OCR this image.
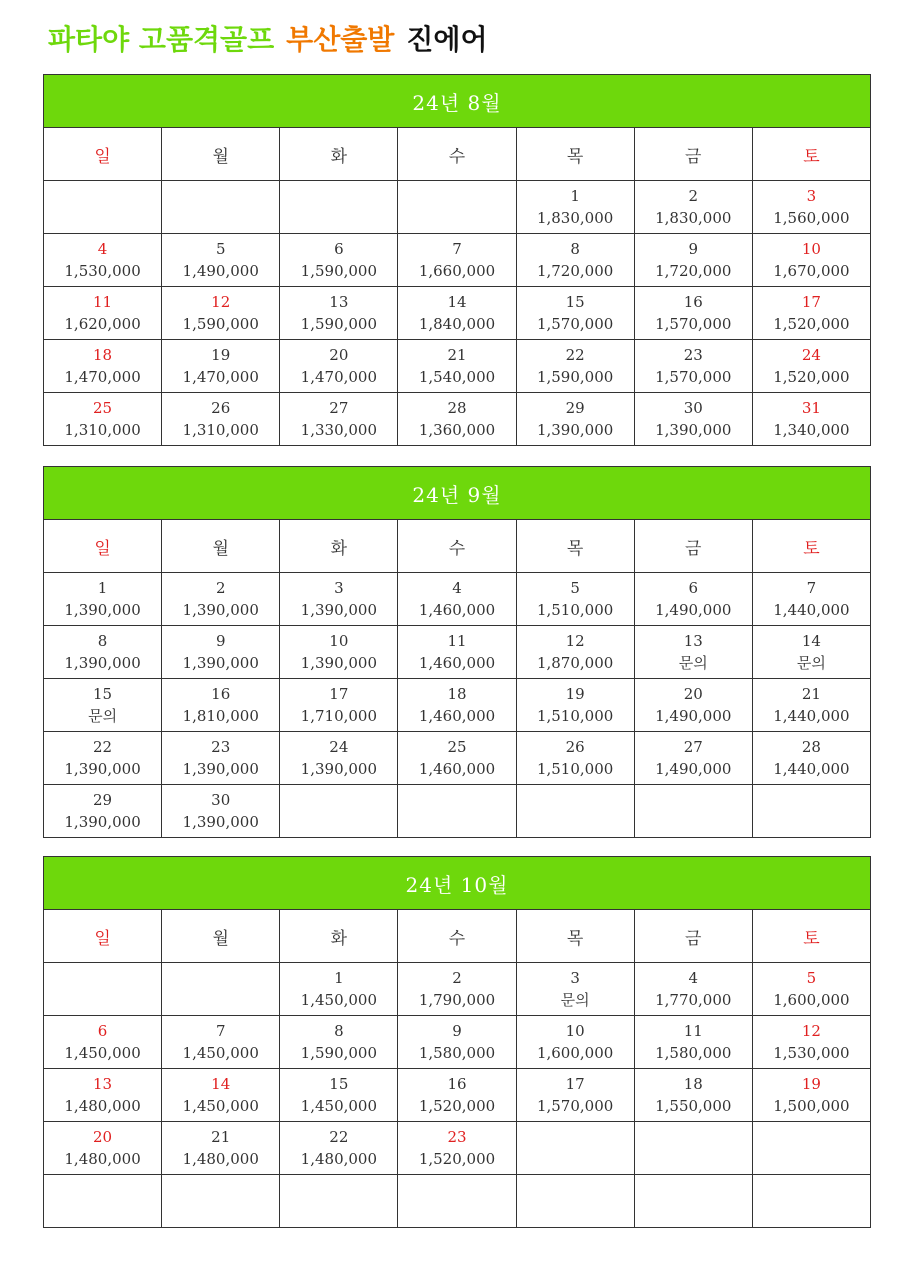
파타야 고품격골프 부산출발 진에어
24년 8월						
일	월	화	수	목	금	토

				1
1,830,000	2
1,830,000	3
1,560,000

4
1,530,000	5
1,490,000	6
1,590,000	7
1,660,000	8
1,720,000	9
1,720,000	10
1,670,000

11
1,620,000	12
1,590,000	13
1,590,000	14
1,840,000	15
1,570,000	16
1,570,000	17
1,520,000

18
1,470,000	19
1,470,000	20
1,470,000	21
1,540,000	22
1,590,000	23
1,570,000	24
1,520,000

25
1,310,000	26
1,310,000	27
1,330,000	28
1,360,000	29
1,390,000	30
1,390,000	31
1,340,000
24년 9월						
일	월	화	수	목	금	토

1
1,390,000	2
1,390,000	3
1,390,000	4
1,460,000	5
1,510,000	6
1,490,000	7
1,440,000

8
1,390,000	9
1,390,000	10
1,390,000	11
1,460,000	12
1,870,000	13
문의	14
문의

15
문의	16
1,810,000	17
1,710,000	18
1,460,000	19
1,510,000	20
1,490,000	21
1,440,000

22
1,390,000	23
1,390,000	24
1,390,000	25
1,460,000	26
1,510,000	27
1,490,000	28
1,440,000

29
1,390,000	30
1,390,000					

24년 10월						
일	월	화	수	목	금	토

		1
1,450,000	2
1,790,000	3
문의	4
1,770,000	5
1,600,000

6
1,450,000	7
1,450,000	8
1,590,000	9
1,580,000	10
1,600,000	11
1,580,000	12
1,530,000

13
1,480,000	14
1,450,000	15
1,450,000	16
1,520,000	17
1,570,000	18
1,550,000	19
1,500,000

20
1,480,000	21
1,480,000	22
1,480,000	23
1,520,000			
